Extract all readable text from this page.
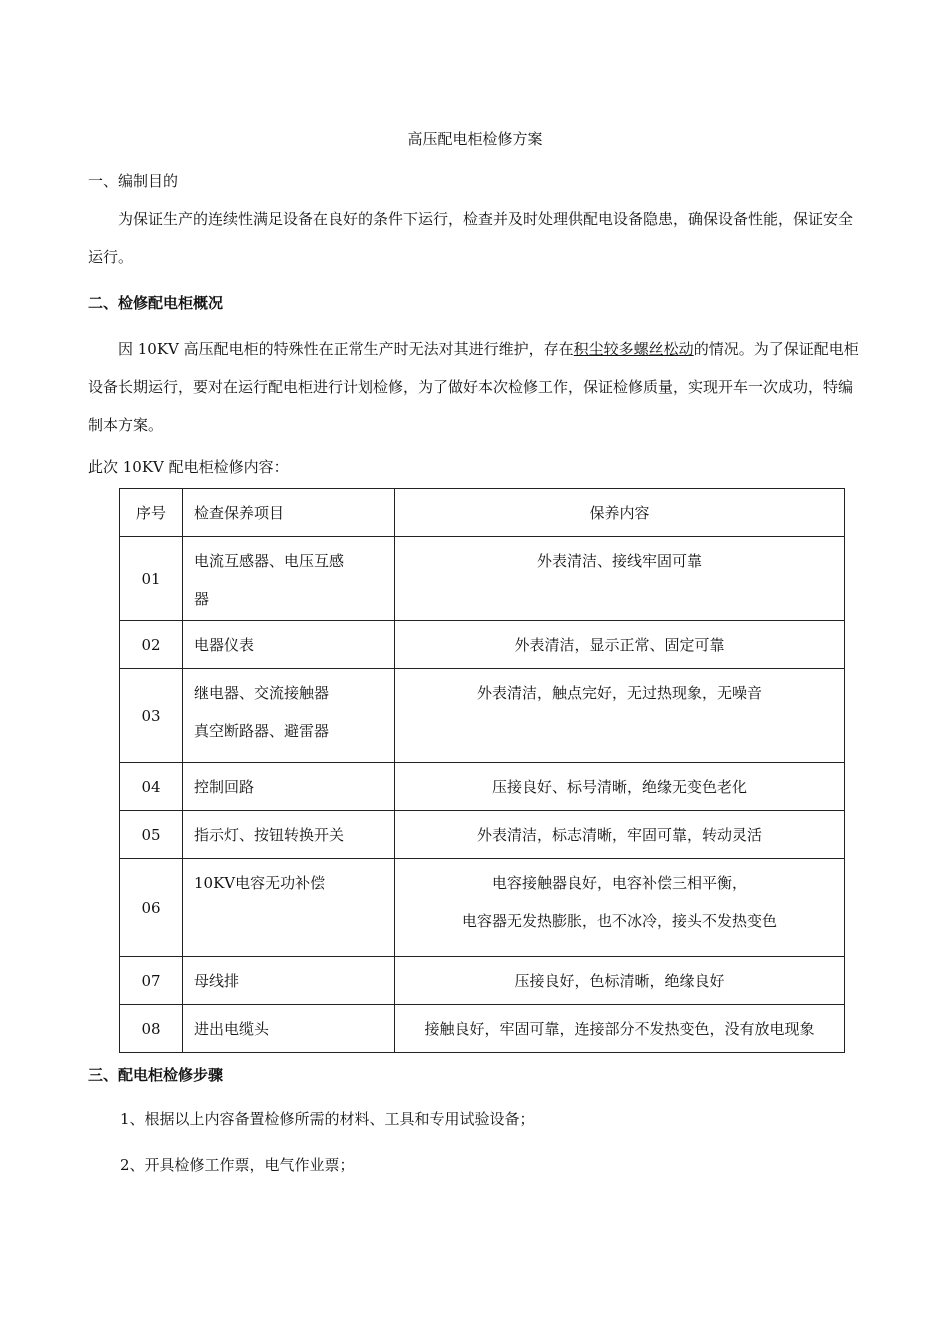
高压配电柜检修方案
一、编制目的
为保证生产的连续性满足设备在良好的条件下运行，检查并及时处理供配电设备隐患，确保设备性能，保证安全运行。
二、检修配电柜概况
因 10KV 高压配电柜的特殊性在正常生产时无法对其进行维护，存在积尘较多螺丝松动的情况。为了保证配电柜设备长期运行，要对在运行配电柜进行计划检修，为了做好本次检修工作，保证检修质量，实现开车一次成功，特编制本方案。
此次 10KV 配电柜检修内容：
序号	检查保养项目	保养内容
01	电流互感器、电压互感
器	外表清洁、接线牢固可靠

02	电器仪表	外表清洁，显示正常、固定可靠

03	继电器、交流接触器
真空断路器、避雷器	外表清洁，触点完好，无过热现象，无噪音

04	控制回路	压接良好、标号清晰，绝缘无变色老化

05	指示灯、按钮转换开关	外表清洁，标志清晰，牢固可靠，转动灵活

06	10KV电容无功补偿	电容接触器良好，电容补偿三相平衡，
电容器无发热膨胀，也不冰冷，接头不发热变色

07	母线排	压接良好，色标清晰，绝缘良好

08	进出电缆头	接触良好，牢固可靠，连接部分不发热变色，没有放电现象
三、配电柜检修步骤
1、根据以上内容备置检修所需的材料、工具和专用试验设备；
2、开具检修工作票，电气作业票；
